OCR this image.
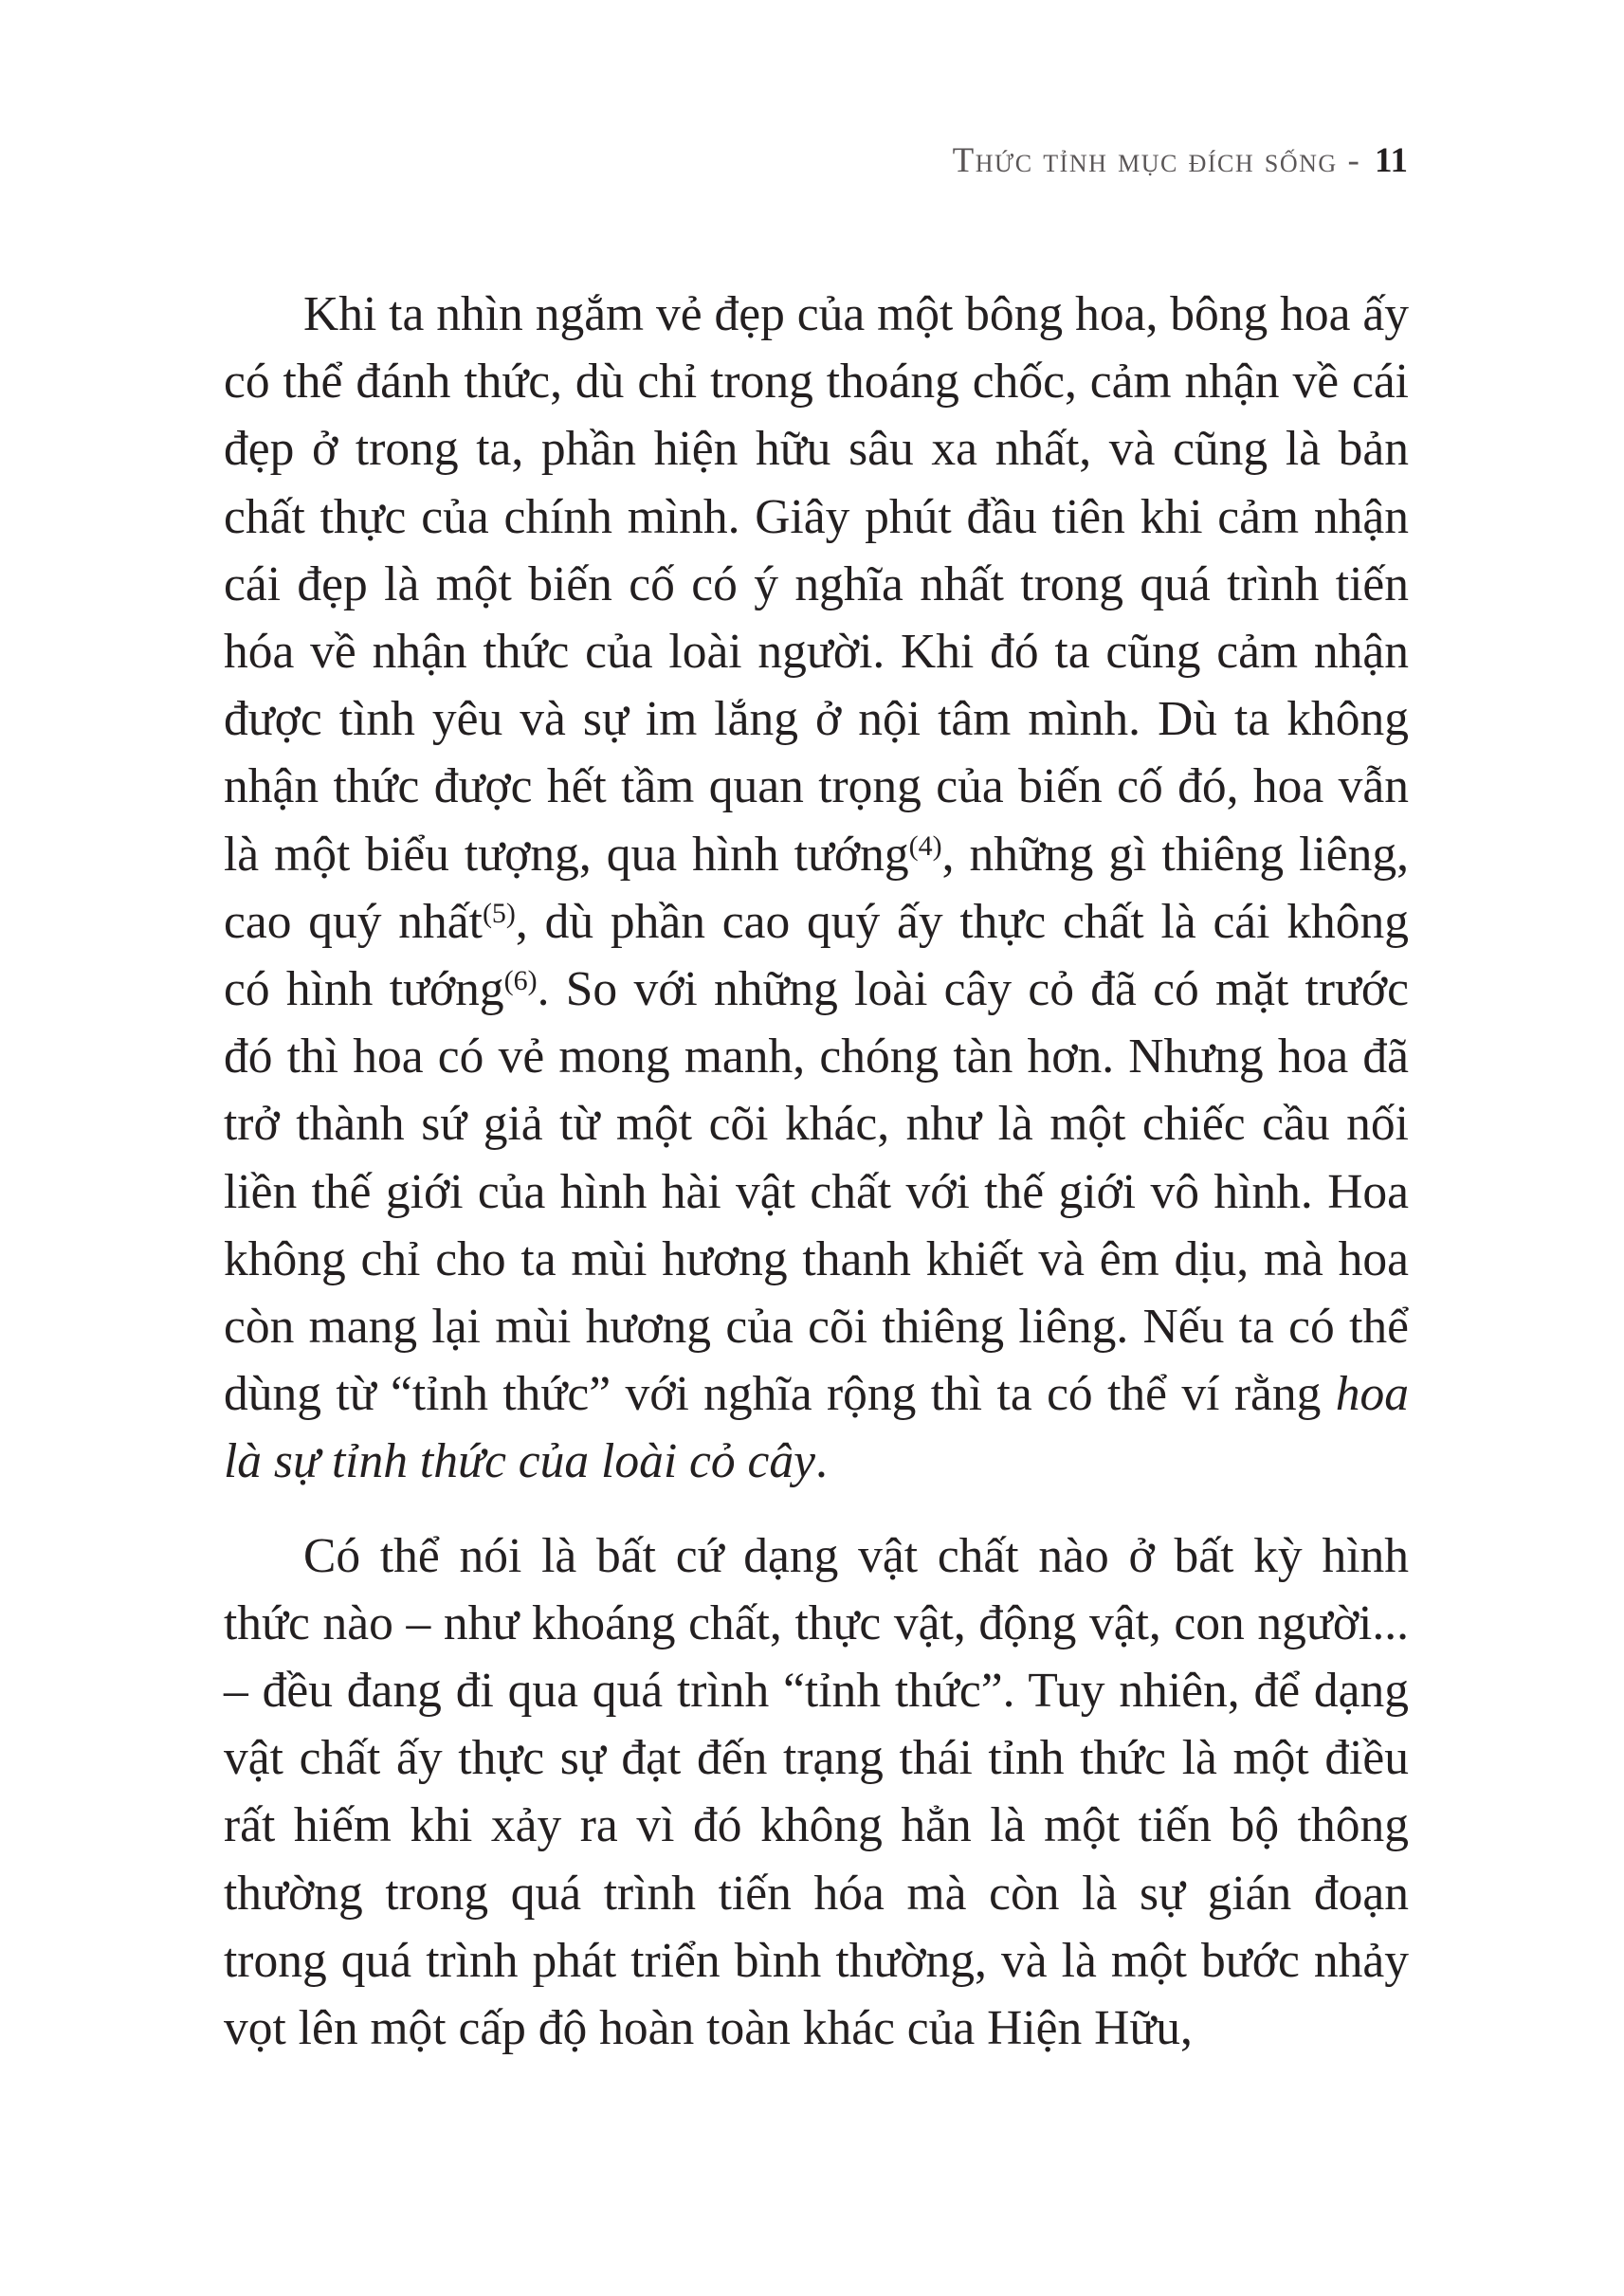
Thức tỉnh mục đích sống - 11

Khi ta nhìn ngắm vẻ đẹp của một bông hoa, bông hoa ấy có thể đánh thức, dù chỉ trong thoáng chốc, cảm nhận về cái đẹp ở trong ta, phần hiện hữu sâu xa nhất, và cũng là bản chất thực của chính mình. Giây phút đầu tiên khi cảm nhận cái đẹp là một biến cố có ý nghĩa nhất trong quá trình tiến hóa về nhận thức của loài người. Khi đó ta cũng cảm nhận được tình yêu và sự im lắng ở nội tâm mình. Dù ta không nhận thức được hết tầm quan trọng của biến cố đó, hoa vẫn là một biểu tượng, qua hình tướng$^{(4)}$, những gì thiêng liêng, cao quý nhất$^{(5)}$, dù phần cao quý ấy thực chất là cái không có hình tướng$^{(6)}$. So với những loài cây cỏ đã có mặt trước đó thì hoa có vẻ mong manh, chóng tàn hơn. Nhưng hoa đã trở thành sứ giả từ một cõi khác, như là một chiếc cầu nối liền thế giới của hình hài vật chất với thế giới vô hình. Hoa không chỉ cho ta mùi hương thanh khiết và êm dịu, mà hoa còn mang lại mùi hương của cõi thiêng liêng. Nếu ta có thể dùng từ “tỉnh thức” với nghĩa rộng thì ta có thể ví rằng hoa là sự tỉnh thức của loài cỏ cây.

Có thể nói là bất cứ dạng vật chất nào ở bất kỳ hình thức nào – như khoáng chất, thực vật, động vật, con người... – đều đang đi qua quá trình “tỉnh thức”. Tuy nhiên, để dạng vật chất ấy thực sự đạt đến trạng thái tỉnh thức là một điều rất hiếm khi xảy ra vì đó không hẳn là một tiến bộ thông thường trong quá trình tiến hóa mà còn là sự gián đoạn trong quá trình phát triển bình thường, và là một bước nhảy vọt lên một cấp độ hoàn toàn khác của Hiện Hữu,
